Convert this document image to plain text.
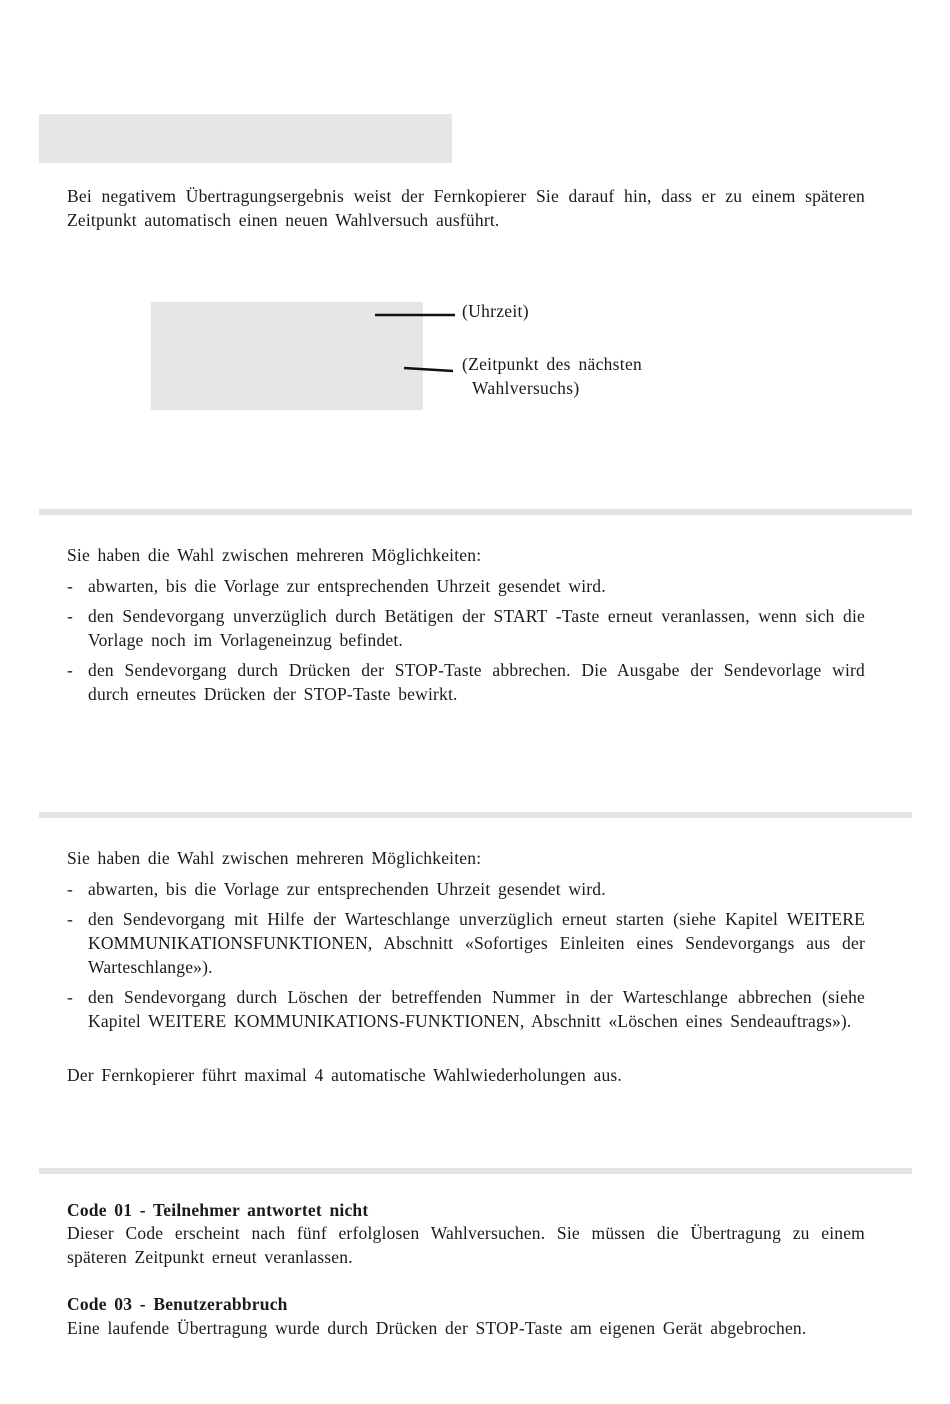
Bei negativem Übertragungsergebnis weist der Fernkopierer Sie darauf hin, dass er zu einem späteren Zeitpunkt automatisch einen neuen Wahlversuch ausführt.
(Uhrzeit)
(Zeitpunkt des nächsten
Wahlversuchs)
Sie haben die Wahl zwischen mehreren Möglichkeiten:
- abwarten, bis die Vorlage zur entsprechenden Uhrzeit gesendet wird.
- den Sendevorgang unverzüglich durch Betätigen der START -Taste erneut veranlassen, wenn sich die Vorlage noch im Vorlageneinzug befindet.
- den Sendevorgang durch Drücken der STOP-Taste abbrechen. Die Ausgabe der Sendevorlage wird durch erneutes Drücken der STOP-Taste bewirkt.
Sie haben die Wahl zwischen mehreren Möglichkeiten:
- abwarten, bis die Vorlage zur entsprechenden Uhrzeit gesendet wird.
- den Sendevorgang mit Hilfe der Warteschlange unverzüglich erneut starten (siehe Kapitel WEITERE KOMMUNIKATIONSFUNKTIONEN, Abschnitt «Sofortiges Einleiten eines Sendevorgangs aus der Warteschlange»).
- den Sendevorgang durch Löschen der betreffenden Nummer in der Warteschlange abbrechen (siehe Kapitel WEITERE KOMMUNIKATIONS-FUNKTIONEN, Abschnitt «Löschen eines Sendeauftrags»).
Der Fernkopierer führt maximal 4 automatische Wahlwiederholungen aus.
Code 01 - Teilnehmer antwortet nicht
Dieser Code erscheint nach fünf erfolglosen Wahlversuchen. Sie müssen die Übertragung zu einem späteren Zeitpunkt erneut veranlassen.
Code 03 - Benutzerabbruch
Eine laufende Übertragung wurde durch Drücken der STOP-Taste am eigenen Gerät abgebrochen.
